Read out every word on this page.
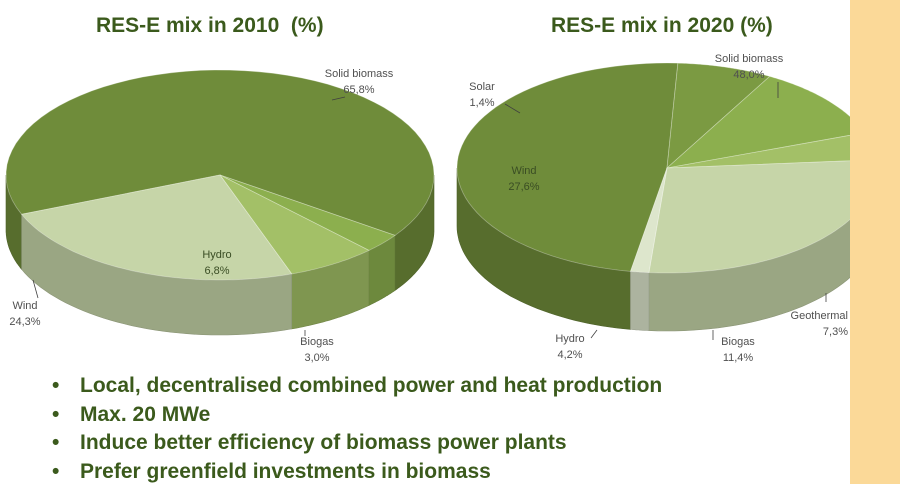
RES-E mix in 2010  (%)	RES-E mix in 2020 (%)
Solid biomass
65,8%
Biogas
3,0%
Hydro
6,8%
Wind
24,3%
Solid biomass
48,0%
Geothermal
7,3%
Biogas
11,4%
Hydro
4,2%
Wind
27,6%
Solar
1,4%
• Local, decentralised combined power and heat production
• Max. 20 MWe
• Induce better efficiency of biomass power plants
• Prefer greenfield investments in biomass
